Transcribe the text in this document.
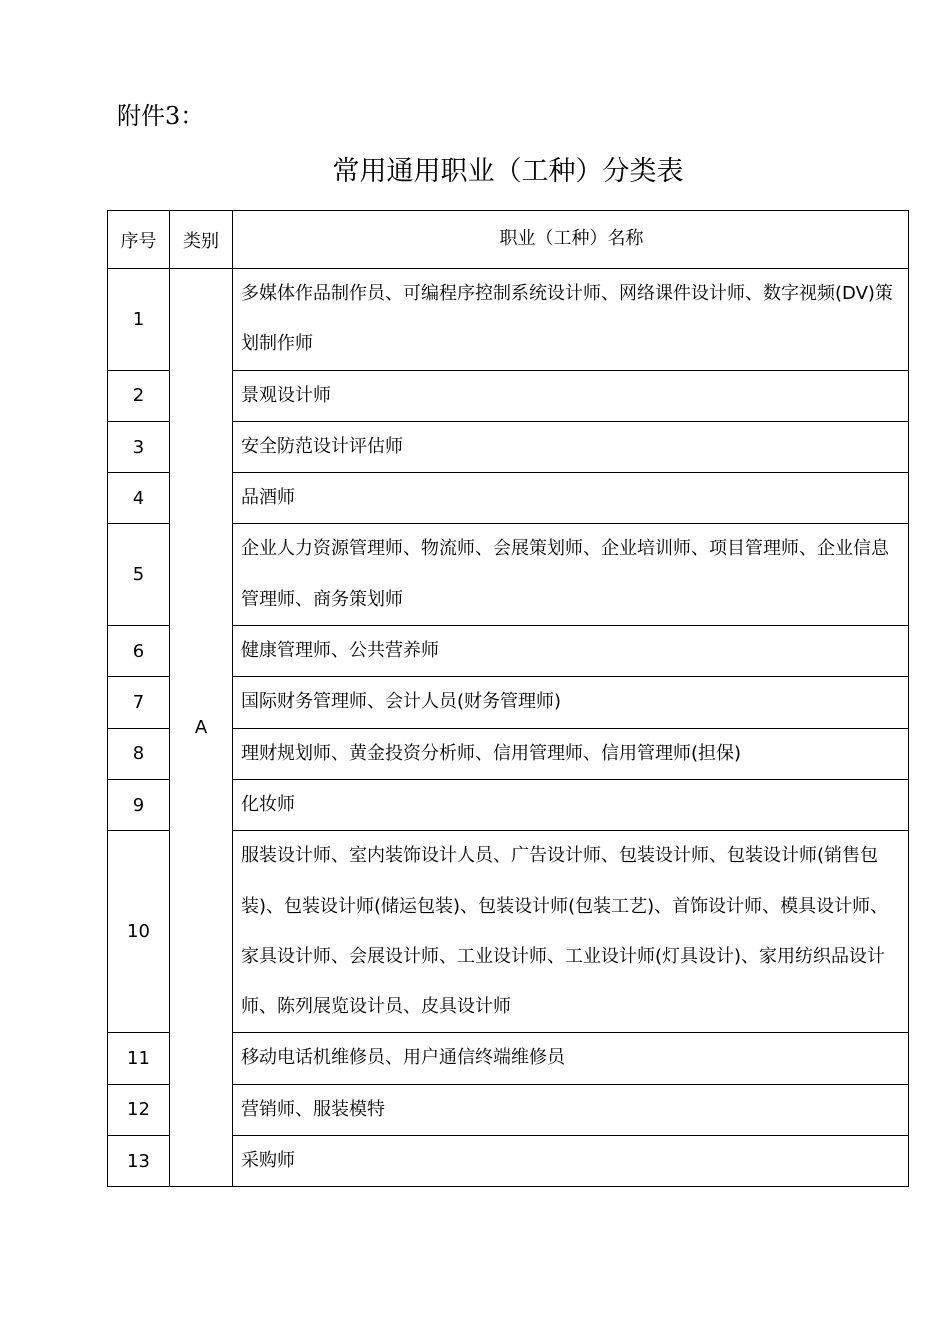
附件3：
常用通用职业（工种）分类表
序号	类别	职业（工种）名称
1	A	多媒体作品制作员、可编程序控制系统设计师、网络课件设计师、数字视频(DV)策划制作师
2		景观设计师
3		安全防范设计评估师
4		品酒师
5		企业人力资源管理师、物流师、会展策划师、企业培训师、项目管理师、企业信息管理师、商务策划师
6		健康管理师、公共营养师
7		国际财务管理师、会计人员(财务管理师)
8		理财规划师、黄金投资分析师、信用管理师、信用管理师(担保)
9		化妆师
10		服装设计师、室内装饰设计人员、广告设计师、包装设计师、包装设计师(销售包装)、包装设计师(储运包装)、包装设计师(包装工艺)、首饰设计师、模具设计师、家具设计师、会展设计师、工业设计师、工业设计师(灯具设计)、家用纺织品设计师、陈列展览设计员、皮具设计师
11		移动电话机维修员、用户通信终端维修员
12		营销师、服装模特
13		采购师
